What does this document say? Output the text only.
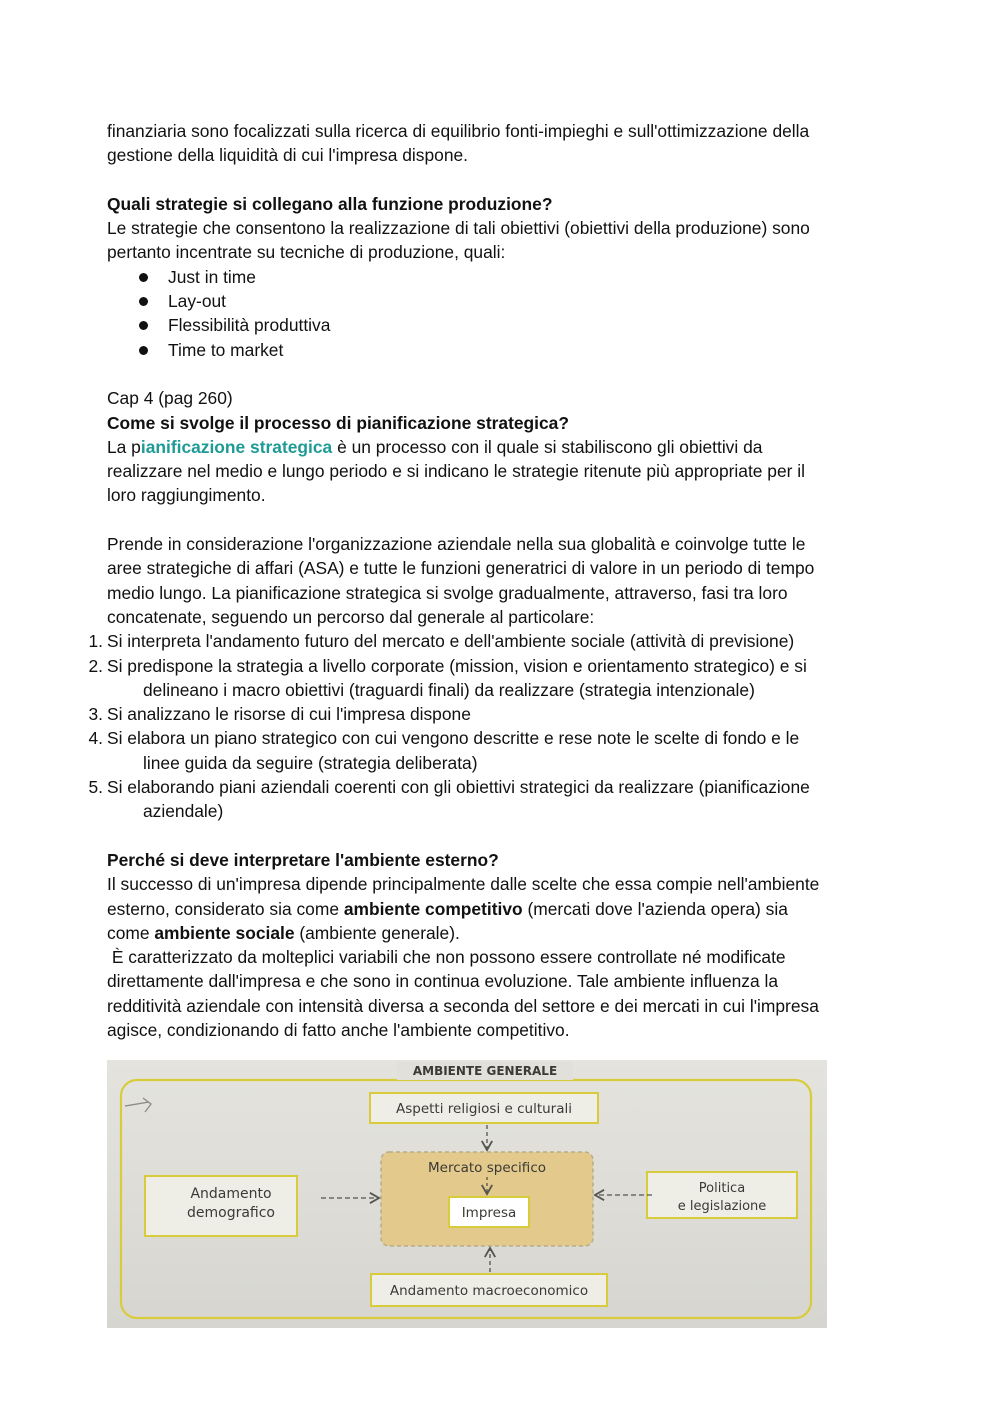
finanziaria sono focalizzati sulla ricerca di equilibrio fonti-impieghi e sull'ottimizzazione della

gestione della liquidità di cui l'impresa dispone.

Quali strategie si collegano alla funzione produzione?

Le strategie che consentono la realizzazione di tali obiettivi (obiettivi della produzione) sono

pertanto incentrate su tecniche di produzione, quali:

Just in time
Lay-out
Flessibilità produttiva
Time to market

Cap 4 (pag 260)

Come si svolge il processo di pianificazione strategica?

La pianificazione strategica è un processo con il quale si stabiliscono gli obiettivi da

realizzare nel medio e lungo periodo e si indicano le strategie ritenute più appropriate per il

loro raggiungimento.

Prende in considerazione l'organizzazione aziendale nella sua globalità e coinvolge tutte le

aree strategiche di affari (ASA) e tutte le funzioni generatrici di valore in un periodo di tempo

medio lungo. La pianificazione strategica si svolge gradualmente, attraverso, fasi tra loro

concatenate, seguendo un percorso dal generale al particolare:

1. Si interpreta l'andamento futuro del mercato e dell'ambiente sociale (attività di previsione)
2. Si predispone la strategia a livello corporate (mission, vision e orientamento strategico) e si
delineano i macro obiettivi (traguardi finali) da realizzare (strategia intenzionale)
3. Si analizzano le risorse di cui l'impresa dispone
4. Si elabora un piano strategico con cui vengono descritte e rese note le scelte di fondo e le
linee guida da seguire (strategia deliberata)
5. Si elaborando piani aziendali coerenti con gli obiettivi strategici da realizzare (pianificazione
aziendale)

Perché si deve interpretare l'ambiente esterno?

Il successo di un'impresa dipende principalmente dalle scelte che essa compie nell'ambiente

esterno, considerato sia come ambiente competitivo (mercati dove l'azienda opera) sia

come ambiente sociale (ambiente generale).

È caratterizzato da molteplici variabili che non possono essere controllate né modificate

direttamente dall'impresa e che sono in continua evoluzione. Tale ambiente influenza la

redditività aziendale con intensità diversa a seconda del settore e dei mercati in cui l'impresa

agisce, condizionando di fatto anche l'ambiente competitivo.

AMBIENTE GENERALE
Aspetti religiosi e culturali
Mercato specifico
Impresa
Andamento
demografico
Politica
e legislazione
Andamento macroeconomico
